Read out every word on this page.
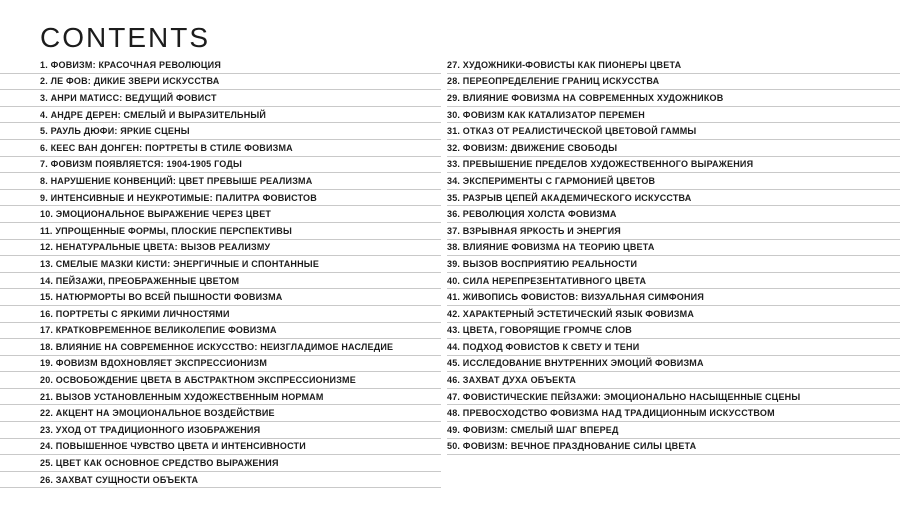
CONTENTS
1. ФОВИЗМ: КРАСОЧНАЯ РЕВОЛЮЦИЯ
2. ЛЕ ФОВ: ДИКИЕ ЗВЕРИ ИСКУССТВА
3. АНРИ МАТИСС: ВЕДУЩИЙ ФОВИСТ
4. АНДРЕ ДЕРЕН: СМЕЛЫЙ И ВЫРАЗИТЕЛЬНЫЙ
5. РАУЛЬ ДЮФИ: ЯРКИЕ СЦЕНЫ
6. КЕЕС ВАН ДОНГЕН: ПОРТРЕТЫ В СТИЛЕ ФОВИЗМА
7. ФОВИЗМ ПОЯВЛЯЕТСЯ: 1904-1905 ГОДЫ
8. НАРУШЕНИЕ КОНВЕНЦИЙ: ЦВЕТ ПРЕВЫШЕ РЕАЛИЗМА
9. ИНТЕНСИВНЫЕ И НЕУКРОТИМЫЕ: ПАЛИТРА ФОВИСТОВ
10. ЭМОЦИОНАЛЬНОЕ ВЫРАЖЕНИЕ ЧЕРЕЗ ЦВЕТ
11. УПРОЩЕННЫЕ ФОРМЫ, ПЛОСКИЕ ПЕРСПЕКТИВЫ
12. НЕНАТУРАЛЬНЫЕ ЦВЕТА: ВЫЗОВ РЕАЛИЗМУ
13. СМЕЛЫЕ МАЗКИ КИСТИ: ЭНЕРГИЧНЫЕ И СПОНТАННЫЕ
14. ПЕЙЗАЖИ, ПРЕОБРАЖЕННЫЕ ЦВЕТОМ
15. НАТЮРМОРТЫ ВО ВСЕЙ ПЫШНОСТИ ФОВИЗМА
16. ПОРТРЕТЫ С ЯРКИМИ ЛИЧНОСТЯМИ
17. КРАТКОВРЕМЕННОЕ ВЕЛИКОЛЕПИЕ ФОВИЗМА
18. ВЛИЯНИЕ НА СОВРЕМЕННОЕ ИСКУССТВО: НЕИЗГЛАДИМОЕ НАСЛЕДИЕ
19. ФОВИЗМ ВДОХНОВЛЯЕТ ЭКСПРЕССИОНИЗМ
20. ОСВОБОЖДЕНИЕ ЦВЕТА В АБСТРАКТНОМ ЭКСПРЕССИОНИЗМЕ
21. ВЫЗОВ УСТАНОВЛЕННЫМ ХУДОЖЕСТВЕННЫМ НОРМАМ
22. АКЦЕНТ НА ЭМОЦИОНАЛЬНОЕ ВОЗДЕЙСТВИЕ
23. УХОД ОТ ТРАДИЦИОННОГО ИЗОБРАЖЕНИЯ
24. ПОВЫШЕННОЕ ЧУВСТВО ЦВЕТА И ИНТЕНСИВНОСТИ
25. ЦВЕТ КАК ОСНОВНОЕ СРЕДСТВО ВЫРАЖЕНИЯ
26. ЗАХВАТ СУЩНОСТИ ОБЪЕКТА
27. ХУДОЖНИКИ-ФОВИСТЫ КАК ПИОНЕРЫ ЦВЕТА
28. ПЕРЕОПРЕДЕЛЕНИЕ ГРАНИЦ ИСКУССТВА
29. ВЛИЯНИЕ ФОВИЗМА НА СОВРЕМЕННЫХ ХУДОЖНИКОВ
30. ФОВИЗМ КАК КАТАЛИЗАТОР ПЕРЕМЕН
31. ОТКАЗ ОТ РЕАЛИСТИЧЕСКОЙ ЦВЕТОВОЙ ГАММЫ
32. ФОВИЗМ: ДВИЖЕНИЕ СВОБОДЫ
33. ПРЕВЫШЕНИЕ ПРЕДЕЛОВ ХУДОЖЕСТВЕННОГО ВЫРАЖЕНИЯ
34. ЭКСПЕРИМЕНТЫ С ГАРМОНИЕЙ ЦВЕТОВ
35. РАЗРЫВ ЦЕПЕЙ АКАДЕМИЧЕСКОГО ИСКУССТВА
36. РЕВОЛЮЦИЯ ХОЛСТА ФОВИЗМА
37. ВЗРЫВНАЯ ЯРКОСТЬ И ЭНЕРГИЯ
38. ВЛИЯНИЕ ФОВИЗМА НА ТЕОРИЮ ЦВЕТА
39. ВЫЗОВ ВОСПРИЯТИЮ РЕАЛЬНОСТИ
40. СИЛА НЕРЕПРЕЗЕНТАТИВНОГО ЦВЕТА
41. ЖИВОПИСЬ ФОВИСТОВ: ВИЗУАЛЬНАЯ СИМФОНИЯ
42. ХАРАКТЕРНЫЙ ЭСТЕТИЧЕСКИЙ ЯЗЫК ФОВИЗМА
43. ЦВЕТА, ГОВОРЯЩИЕ ГРОМЧЕ СЛОВ
44. ПОДХОД ФОВИСТОВ К СВЕТУ И ТЕНИ
45. ИССЛЕДОВАНИЕ ВНУТРЕННИХ ЭМОЦИЙ ФОВИЗМА
46. ЗАХВАТ ДУХА ОБЪЕКТА
47. ФОВИСТИЧЕСКИЕ ПЕЙЗАЖИ: ЭМОЦИОНАЛЬНО НАСЫЩЕННЫЕ СЦЕНЫ
48. ПРЕВОСХОДСТВО ФОВИЗМА НАД ТРАДИЦИОННЫМ ИСКУССТВОМ
49. ФОВИЗМ: СМЕЛЫЙ ШАГ ВПЕРЕД
50. ФОВИЗМ: ВЕЧНОЕ ПРАЗДНОВАНИЕ СИЛЫ ЦВЕТА
